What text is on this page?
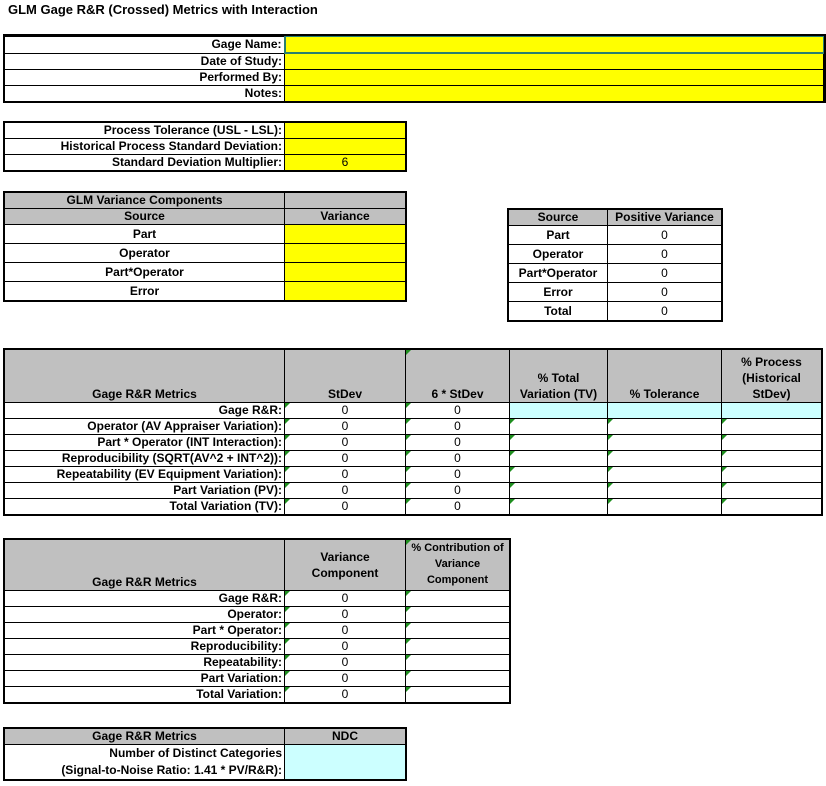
GLM Gage R&R (Crossed) Metrics with Interaction
Gage Name:	
Date of Study:	
Performed By:	
Notes:	
Process Tolerance (USL - LSL):	
Historical Process Standard Deviation:	
Standard Deviation Multiplier:	6
GLM Variance Components	
Source	Variance
Part	
Operator	
Part*Operator	
Error	
Source	Positive Variance
Part	0
Operator	0
Part*Operator	0
Error	0
Total	0
Gage R&R Metrics	StDev	6 * StDev	% Total Variation (TV)	% Tolerance	% Process (Historical StDev)
Gage R&R:	0	0			
Operator (AV Appraiser Variation):	0	0			
Part * Operator (INT Interaction):	0	0			
Reproducibility (SQRT(AV^2 + INT^2)):	0	0			
Repeatability (EV Equipment Variation):	0	0			
Part Variation (PV):	0	0			
Total Variation (TV):	0	0			
Gage R&R Metrics	Variance Component	% Contribution of Variance Component
Gage R&R:	0	
Operator:	0	
Part * Operator:	0	
Reproducibility:	0	
Repeatability:	0	
Part Variation:	0	
Total Variation:	0	
Gage R&R Metrics	NDC

Number of Distinct Categories
(Signal-to-Noise Ratio: 1.41 * PV/R&R):	
